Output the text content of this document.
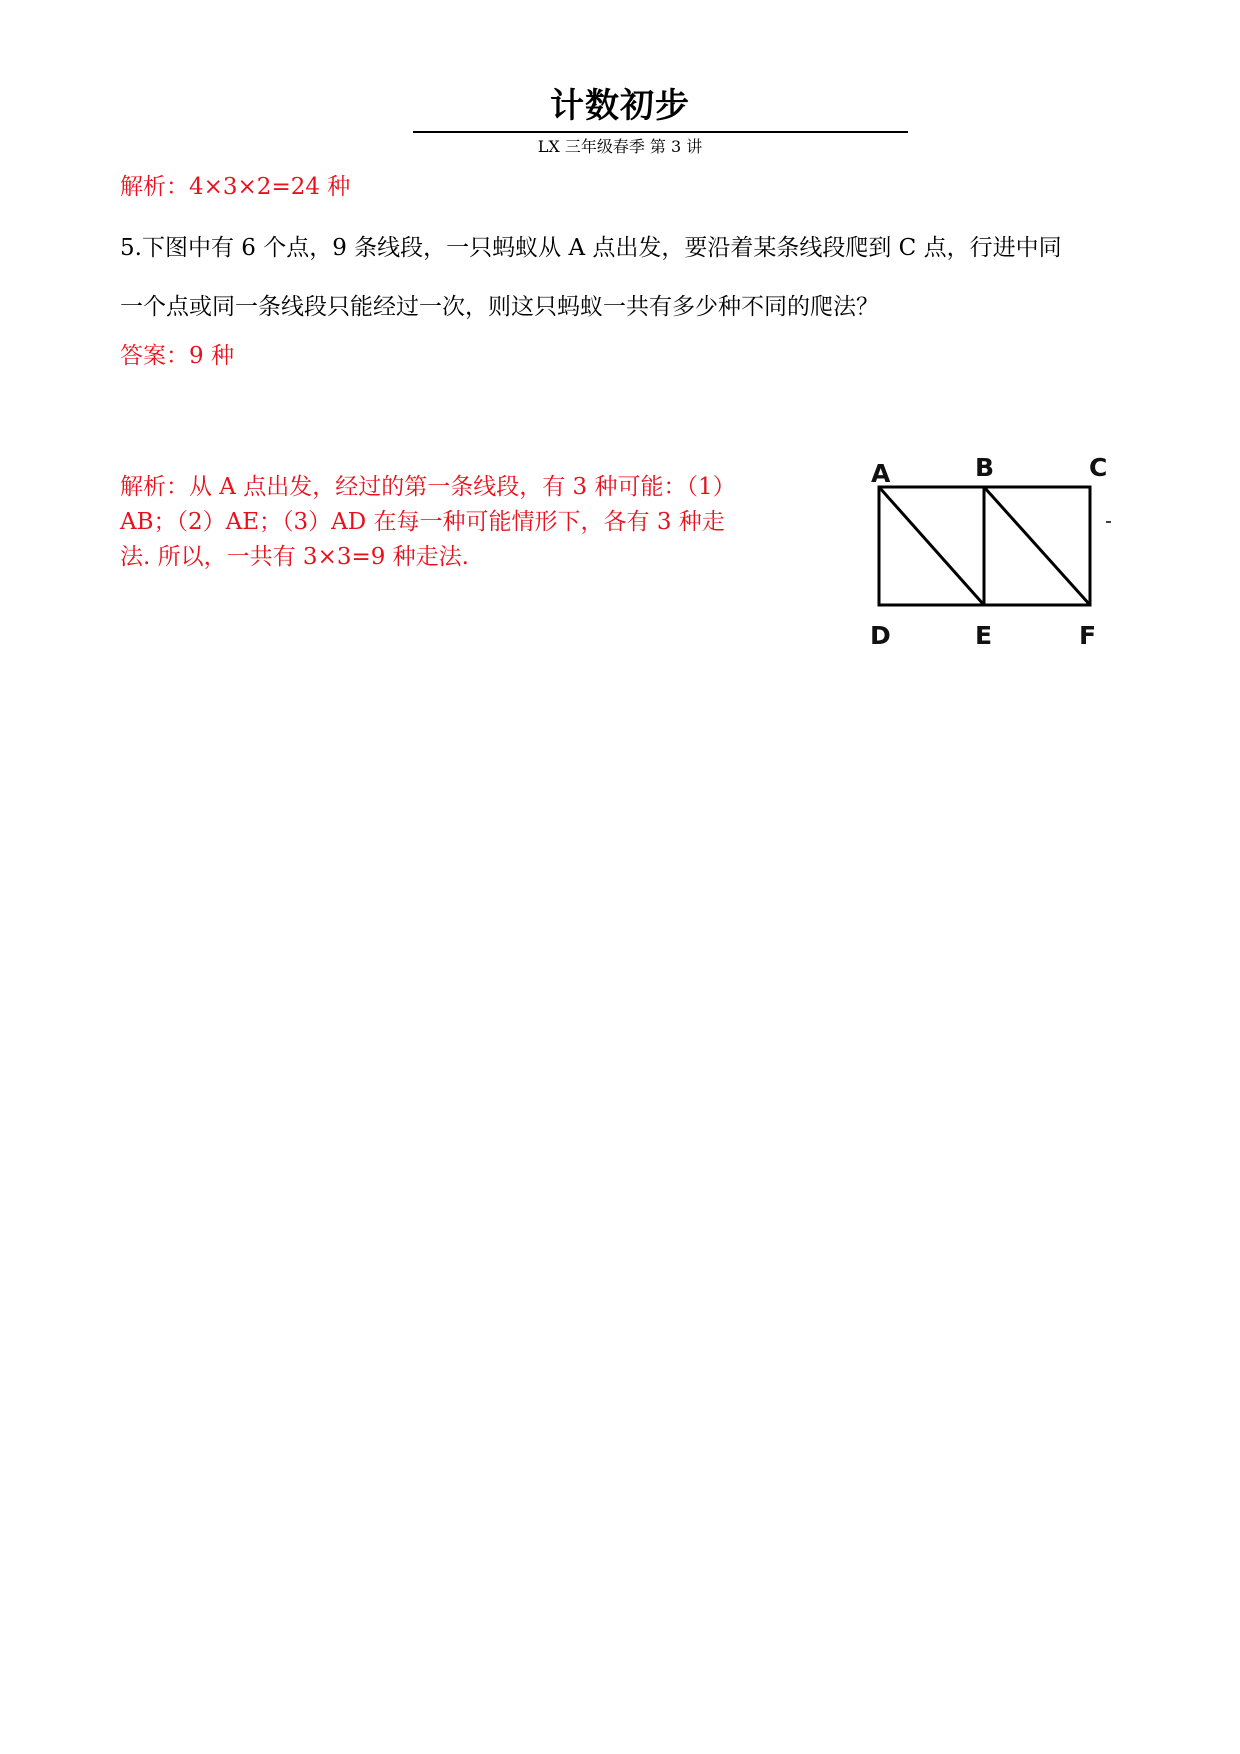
计数初步
LX 三年级春季 第 3 讲
解析：4×3×2=24 种
5.下图中有 6 个点，9 条线段，一只蚂蚁从 A 点出发，要沿着某条线段爬到 C 点，行进中同
一个点或同一条线段只能经过一次，则这只蚂蚁一共有多少种不同的爬法？
答案：9 种
解析：从 A 点出发，经过的第一条线段，有 3 种可能：（1）
AB；（2）AE；（3）AD 在每一种可能情形下，各有 3 种走
法. 所以，一共有 3×3=9 种走法.
A	B	C
D	E	F
